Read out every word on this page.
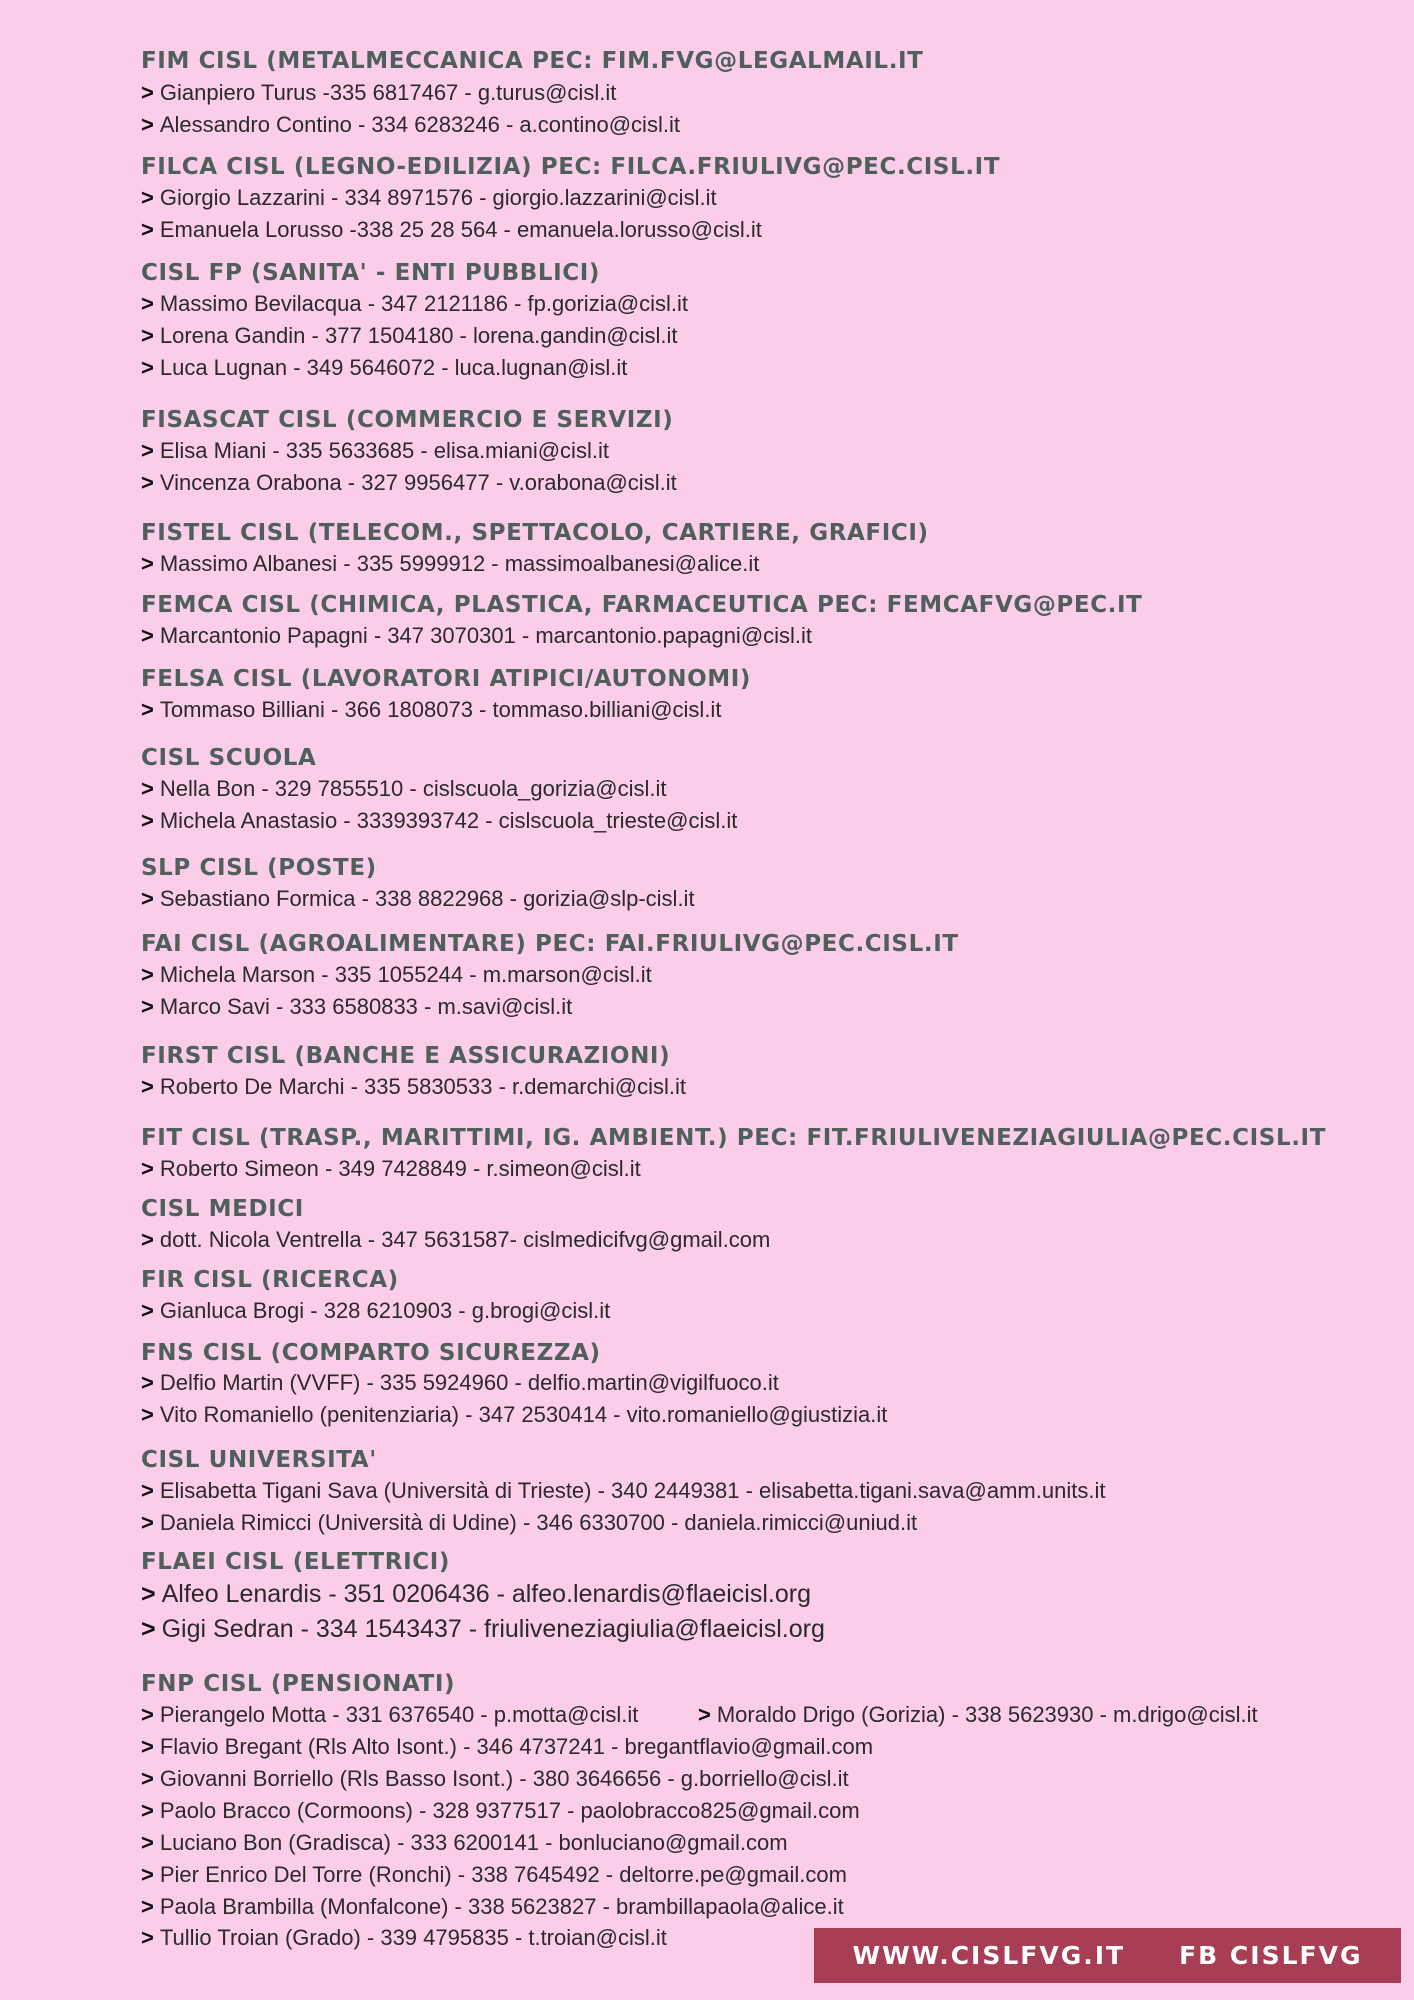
FIM CISL (METALMECCANICA PEC: FIM.FVG@LEGALMAIL.IT
> Gianpiero Turus -335 6817467 - g.turus@cisl.it
> Alessandro Contino - 334 6283246 - a.contino@cisl.it
FILCA CISL (LEGNO-EDILIZIA) PEC: FILCA.FRIULIVG@PEC.CISL.IT
> Giorgio Lazzarini - 334 8971576 - giorgio.lazzarini@cisl.it
> Emanuela Lorusso -338 25 28 564 - emanuela.lorusso@cisl.it
CISL FP (SANITA' - ENTI PUBBLICI)
> Massimo Bevilacqua - 347 2121186 - fp.gorizia@cisl.it
> Lorena Gandin - 377 1504180 - lorena.gandin@cisl.it
> Luca Lugnan - 349 5646072 - luca.lugnan@isl.it
FISASCAT CISL (COMMERCIO E SERVIZI)
> Elisa Miani - 335 5633685 - elisa.miani@cisl.it
> Vincenza Orabona - 327 9956477 - v.orabona@cisl.it
FISTEL CISL (TELECOM., SPETTACOLO, CARTIERE, GRAFICI)
> Massimo Albanesi - 335 5999912 - massimoalbanesi@alice.it
FEMCA CISL (CHIMICA, PLASTICA, FARMACEUTICA PEC: FEMCAFVG@PEC.IT
> Marcantonio Papagni - 347 3070301 - marcantonio.papagni@cisl.it
FELSA CISL (LAVORATORI ATIPICI/AUTONOMI)
> Tommaso Billiani - 366 1808073 - tommaso.billiani@cisl.it
CISL SCUOLA
> Nella Bon - 329 7855510 - cislscuola_gorizia@cisl.it
> Michela Anastasio - 3339393742 - cislscuola_trieste@cisl.it
SLP CISL (POSTE)
> Sebastiano Formica - 338 8822968 - gorizia@slp-cisl.it
FAI CISL (AGROALIMENTARE) PEC: FAI.FRIULIVG@PEC.CISL.IT
> Michela Marson - 335 1055244 - m.marson@cisl.it
> Marco Savi - 333 6580833 - m.savi@cisl.it
FIRST CISL (BANCHE E ASSICURAZIONI)
> Roberto De Marchi - 335 5830533 - r.demarchi@cisl.it
FIT CISL (TRASP., MARITTIMI, IG. AMBIENT.) PEC: FIT.FRIULIVENEZIAGIULIA@PEC.CISL.IT
> Roberto Simeon - 349 7428849 - r.simeon@cisl.it
CISL MEDICI
> dott. Nicola Ventrella - 347 5631587- cislmedicifvg@gmail.com
FIR CISL (RICERCA)
> Gianluca Brogi - 328 6210903 - g.brogi@cisl.it
FNS CISL (COMPARTO SICUREZZA)
> Delfio Martin (VVFF) - 335 5924960 - delfio.martin@vigilfuoco.it
> Vito Romaniello (penitenziaria) - 347 2530414 - vito.romaniello@giustizia.it
CISL UNIVERSITA'
> Elisabetta Tigani Sava (Università di Trieste) - 340 2449381 - elisabetta.tigani.sava@amm.units.it
> Daniela Rimicci (Università di Udine) - 346 6330700 - daniela.rimicci@uniud.it
FLAEI CISL (ELETTRICI)
> Alfeo Lenardis - 351 0206436 - alfeo.lenardis@flaeicisl.org
> Gigi Sedran - 334 1543437 - friuliveneziagiulia@flaeicisl.org
FNP CISL (PENSIONATI)
> Pierangelo Motta - 331 6376540 - p.motta@cisl.it	> Moraldo Drigo (Gorizia) - 338 5623930 - m.drigo@cisl.it
> Flavio Bregant (Rls Alto Isont.) - 346 4737241 - bregantflavio@gmail.com
> Giovanni Borriello (Rls Basso Isont.) - 380 3646656 - g.borriello@cisl.it
> Paolo Bracco (Cormoons) - 328 9377517 - paolobracco825@gmail.com
> Luciano Bon (Gradisca) - 333 6200141 - bonluciano@gmail.com
> Pier Enrico Del Torre (Ronchi) - 338 7645492 - deltorre.pe@gmail.com
> Paola Brambilla (Monfalcone) - 338 5623827 - brambillapaola@alice.it
> Tullio Troian (Grado) - 339 4795835 - t.troian@cisl.it
WWW.CISLFVG.IT FB CISLFVG
